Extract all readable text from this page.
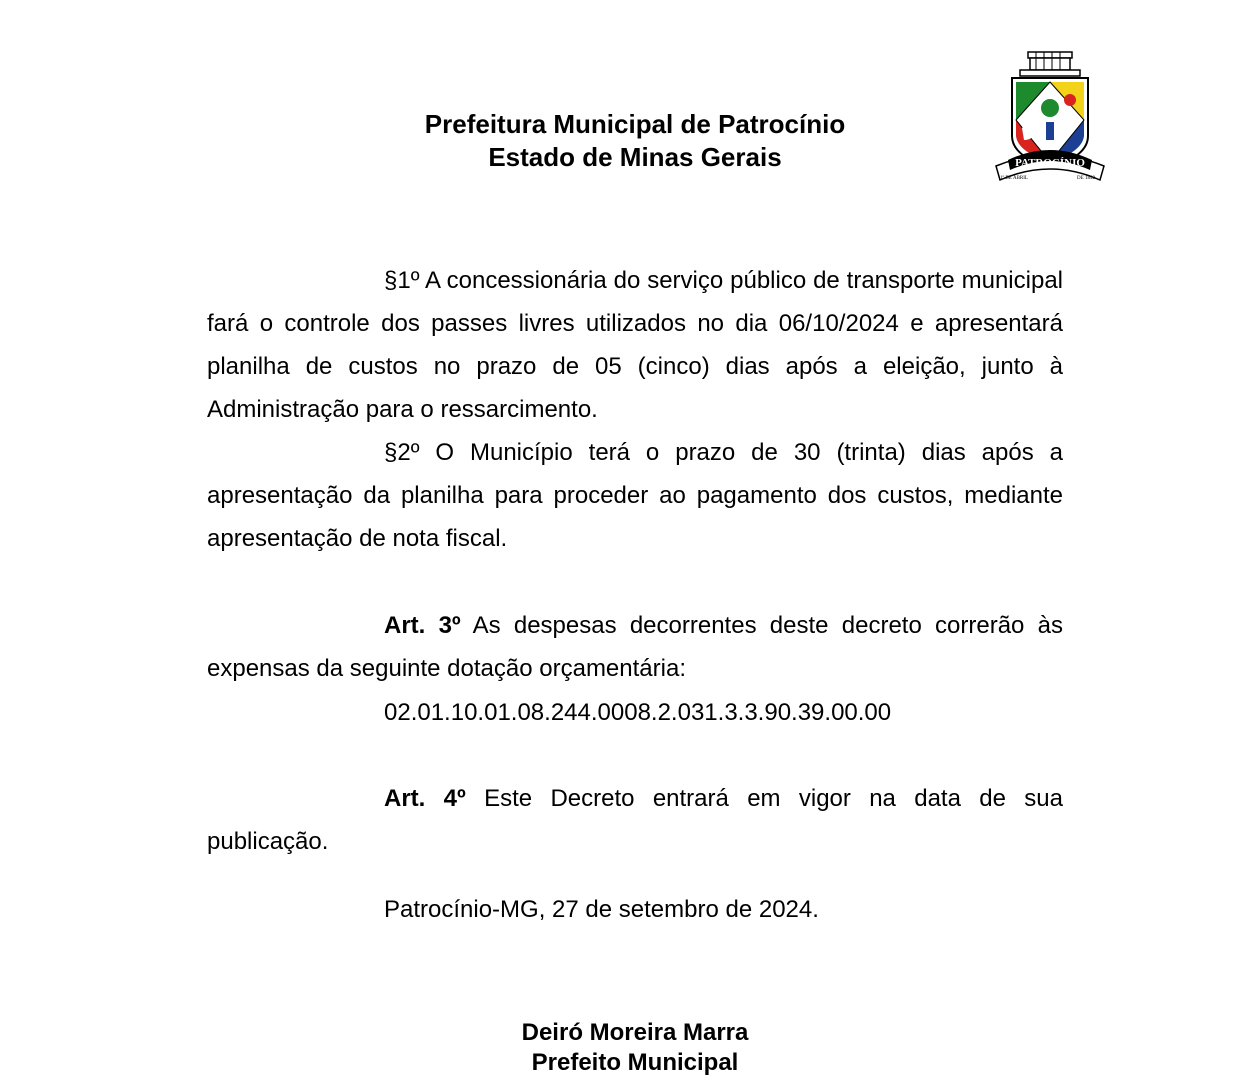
Prefeitura Municipal de Patrocínio
Estado de Minas Gerais	PATROCÍNIO
1º DE ABRIL	DE 1842

§1º A concessionária do serviço público de transporte municipal fará o controle dos passes livres utilizados no dia 06/10/2024 e apresentará planilha de custos no prazo de 05 (cinco) dias após a eleição, junto à Administração para o ressarcimento.

§2º O Município terá o prazo de 30 (trinta) dias após a apresentação da planilha para proceder ao pagamento dos custos, mediante apresentação de nota fiscal.

Art. 3º As despesas decorrentes deste decreto correrão às expensas da seguinte dotação orçamentária:

02.01.10.01.08.244.0008.2.031.3.3.90.39.00.00

Art. 4º Este Decreto entrará em vigor na data de sua publicação.

Patrocínio-MG, 27 de setembro de 2024.
Deiró Moreira Marra
Prefeito Municipal
